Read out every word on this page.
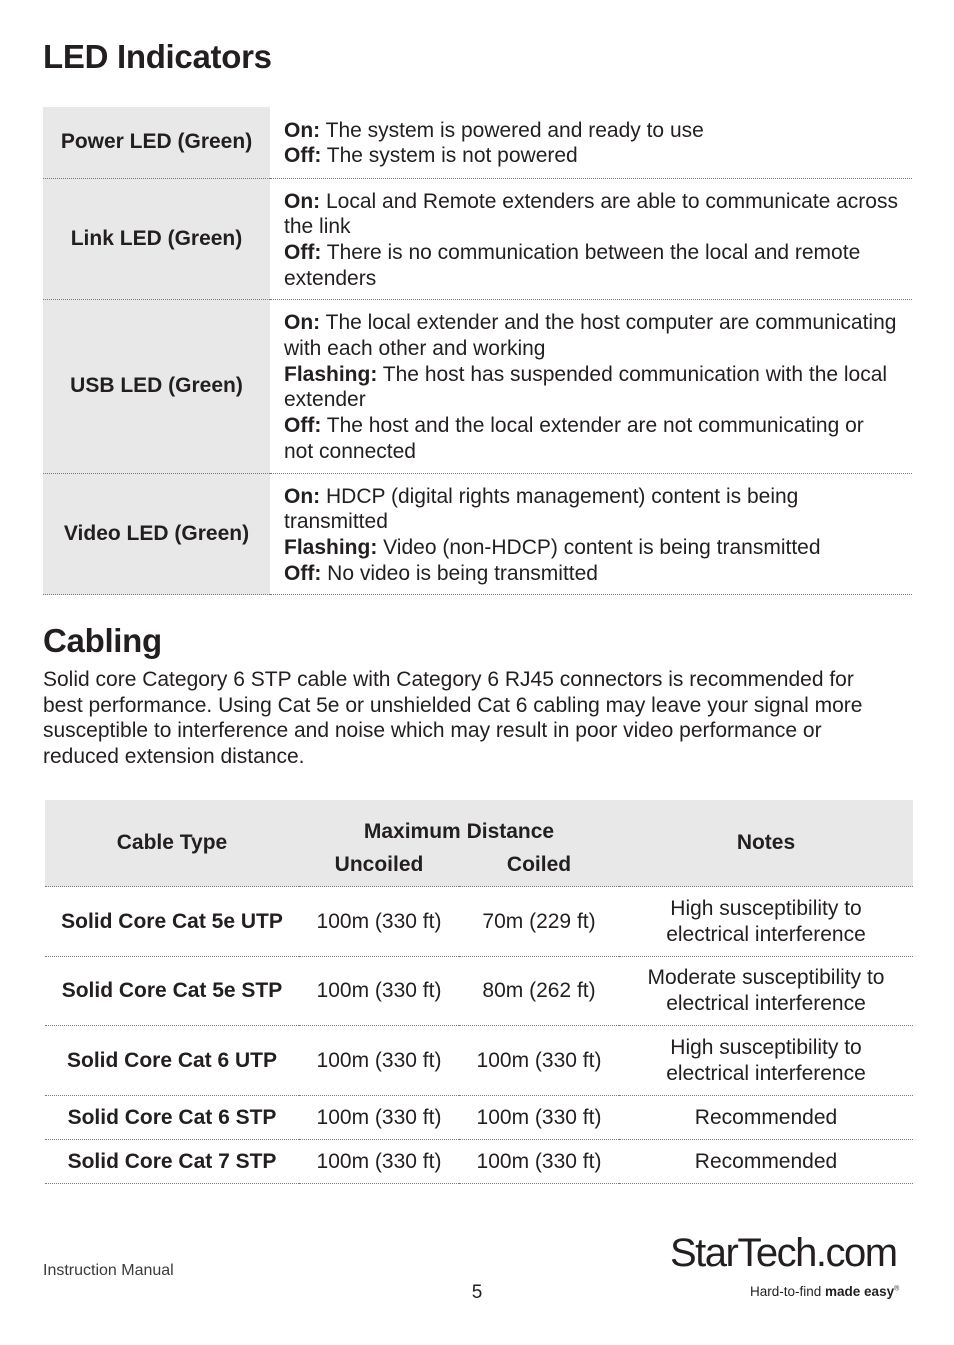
LED Indicators
Power LED (Green)	On: The system is powered and ready to use
Off: The system is not powered

Link LED (Green)	On: Local and Remote extenders are able to communicate across the link
Off: There is no communication between the local and remote extenders

USB LED (Green)	On: The local extender and the host computer are communicating with each other and working
Flashing: The host has suspended communication with the local extender
Off: The host and the local extender are not communicating or not connected

Video LED (Green)	On: HDCP (digital rights management) content is being transmitted
Flashing: Video (non-HDCP) content is being transmitted
Off: No video is being transmitted
Cabling

Solid core Category 6 STP cable with Category 6 RJ45 connectors is recommended for best performance. Using Cat 5e or unshielded Cat 6 cabling may leave your signal more susceptible to interference and noise which may result in poor video performance or reduced extension distance.

Cable Type	Maximum Distance		Notes
	Uncoiled	Coiled	
Solid Core Cat 5e UTP	100m (330 ft)	70m (229 ft)	High susceptibility to electrical interference
Solid Core Cat 5e STP	100m (330 ft)	80m (262 ft)	Moderate susceptibility to electrical interference
Solid Core Cat 6 UTP	100m (330 ft)	100m (330 ft)	High susceptibility to electrical interference
Solid Core Cat 6 STP	100m (330 ft)	100m (330 ft)	Recommended
Solid Core Cat 7 STP	100m (330 ft)	100m (330 ft)	Recommended
Instruction Manual
5
StarTech.com
Hard-to-find made easy®
